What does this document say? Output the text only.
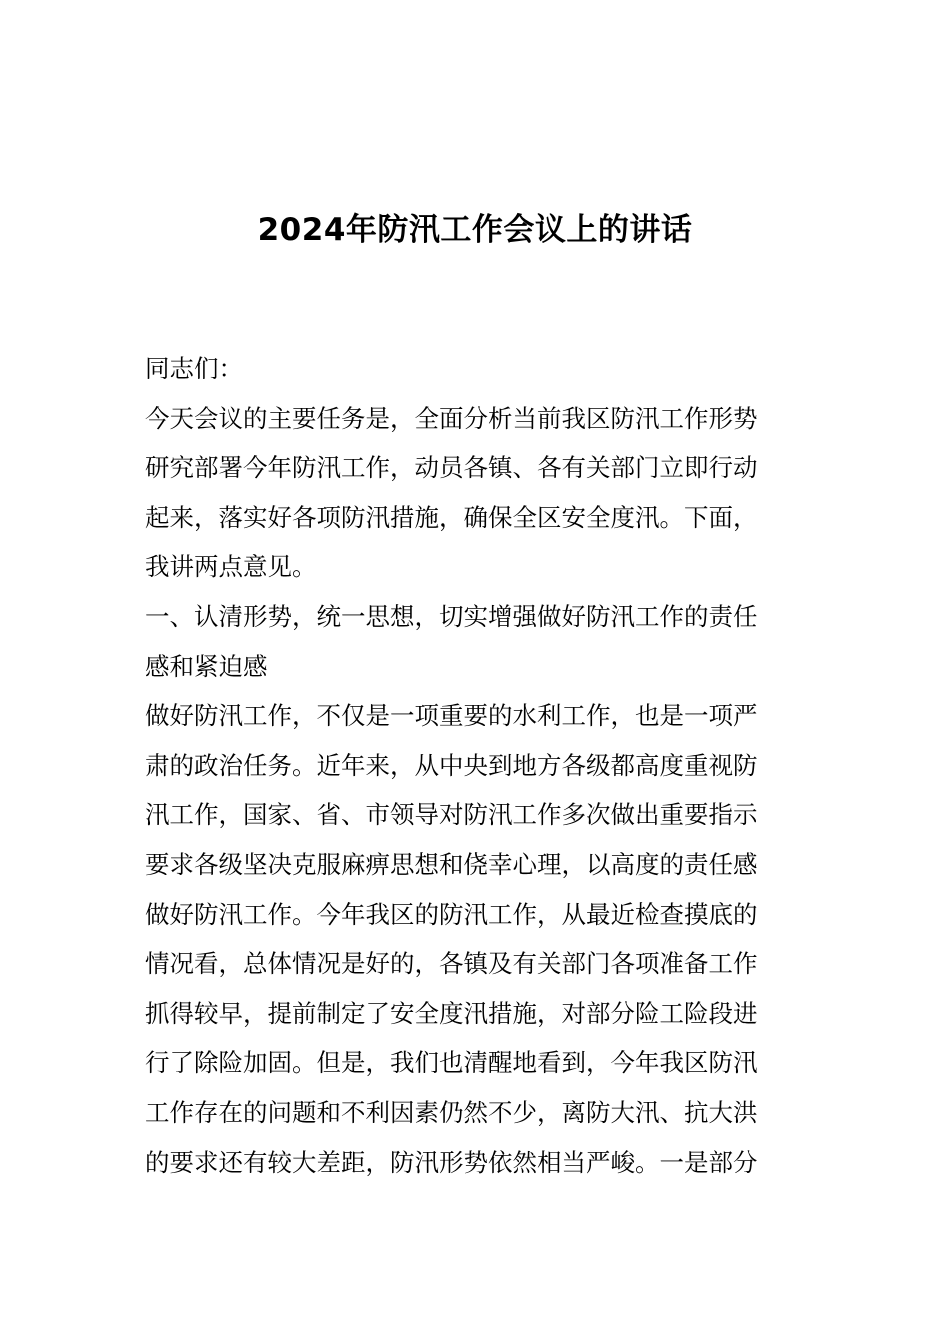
2024年防汛工作会议上的讲话
同志们：
今天会议的主要任务是，全面分析当前我区防汛工作形势
研究部署今年防汛工作，动员各镇、各有关部门立即行动
起来，落实好各项防汛措施，确保全区安全度汛。下面，
我讲两点意见。
一、认清形势，统一思想，切实增强做好防汛工作的责任
感和紧迫感
做好防汛工作，不仅是一项重要的水利工作，也是一项严
肃的政治任务。近年来，从中央到地方各级都高度重视防
汛工作，国家、省、市领导对防汛工作多次做出重要指示
要求各级坚决克服麻痹思想和侥幸心理，以高度的责任感
做好防汛工作。今年我区的防汛工作，从最近检查摸底的
情况看，总体情况是好的，各镇及有关部门各项准备工作
抓得较早，提前制定了安全度汛措施，对部分险工险段进
行了除险加固。但是，我们也清醒地看到，今年我区防汛
工作存在的问题和不利因素仍然不少，离防大汛、抗大洪
的要求还有较大差距，防汛形势依然相当严峻。一是部分
